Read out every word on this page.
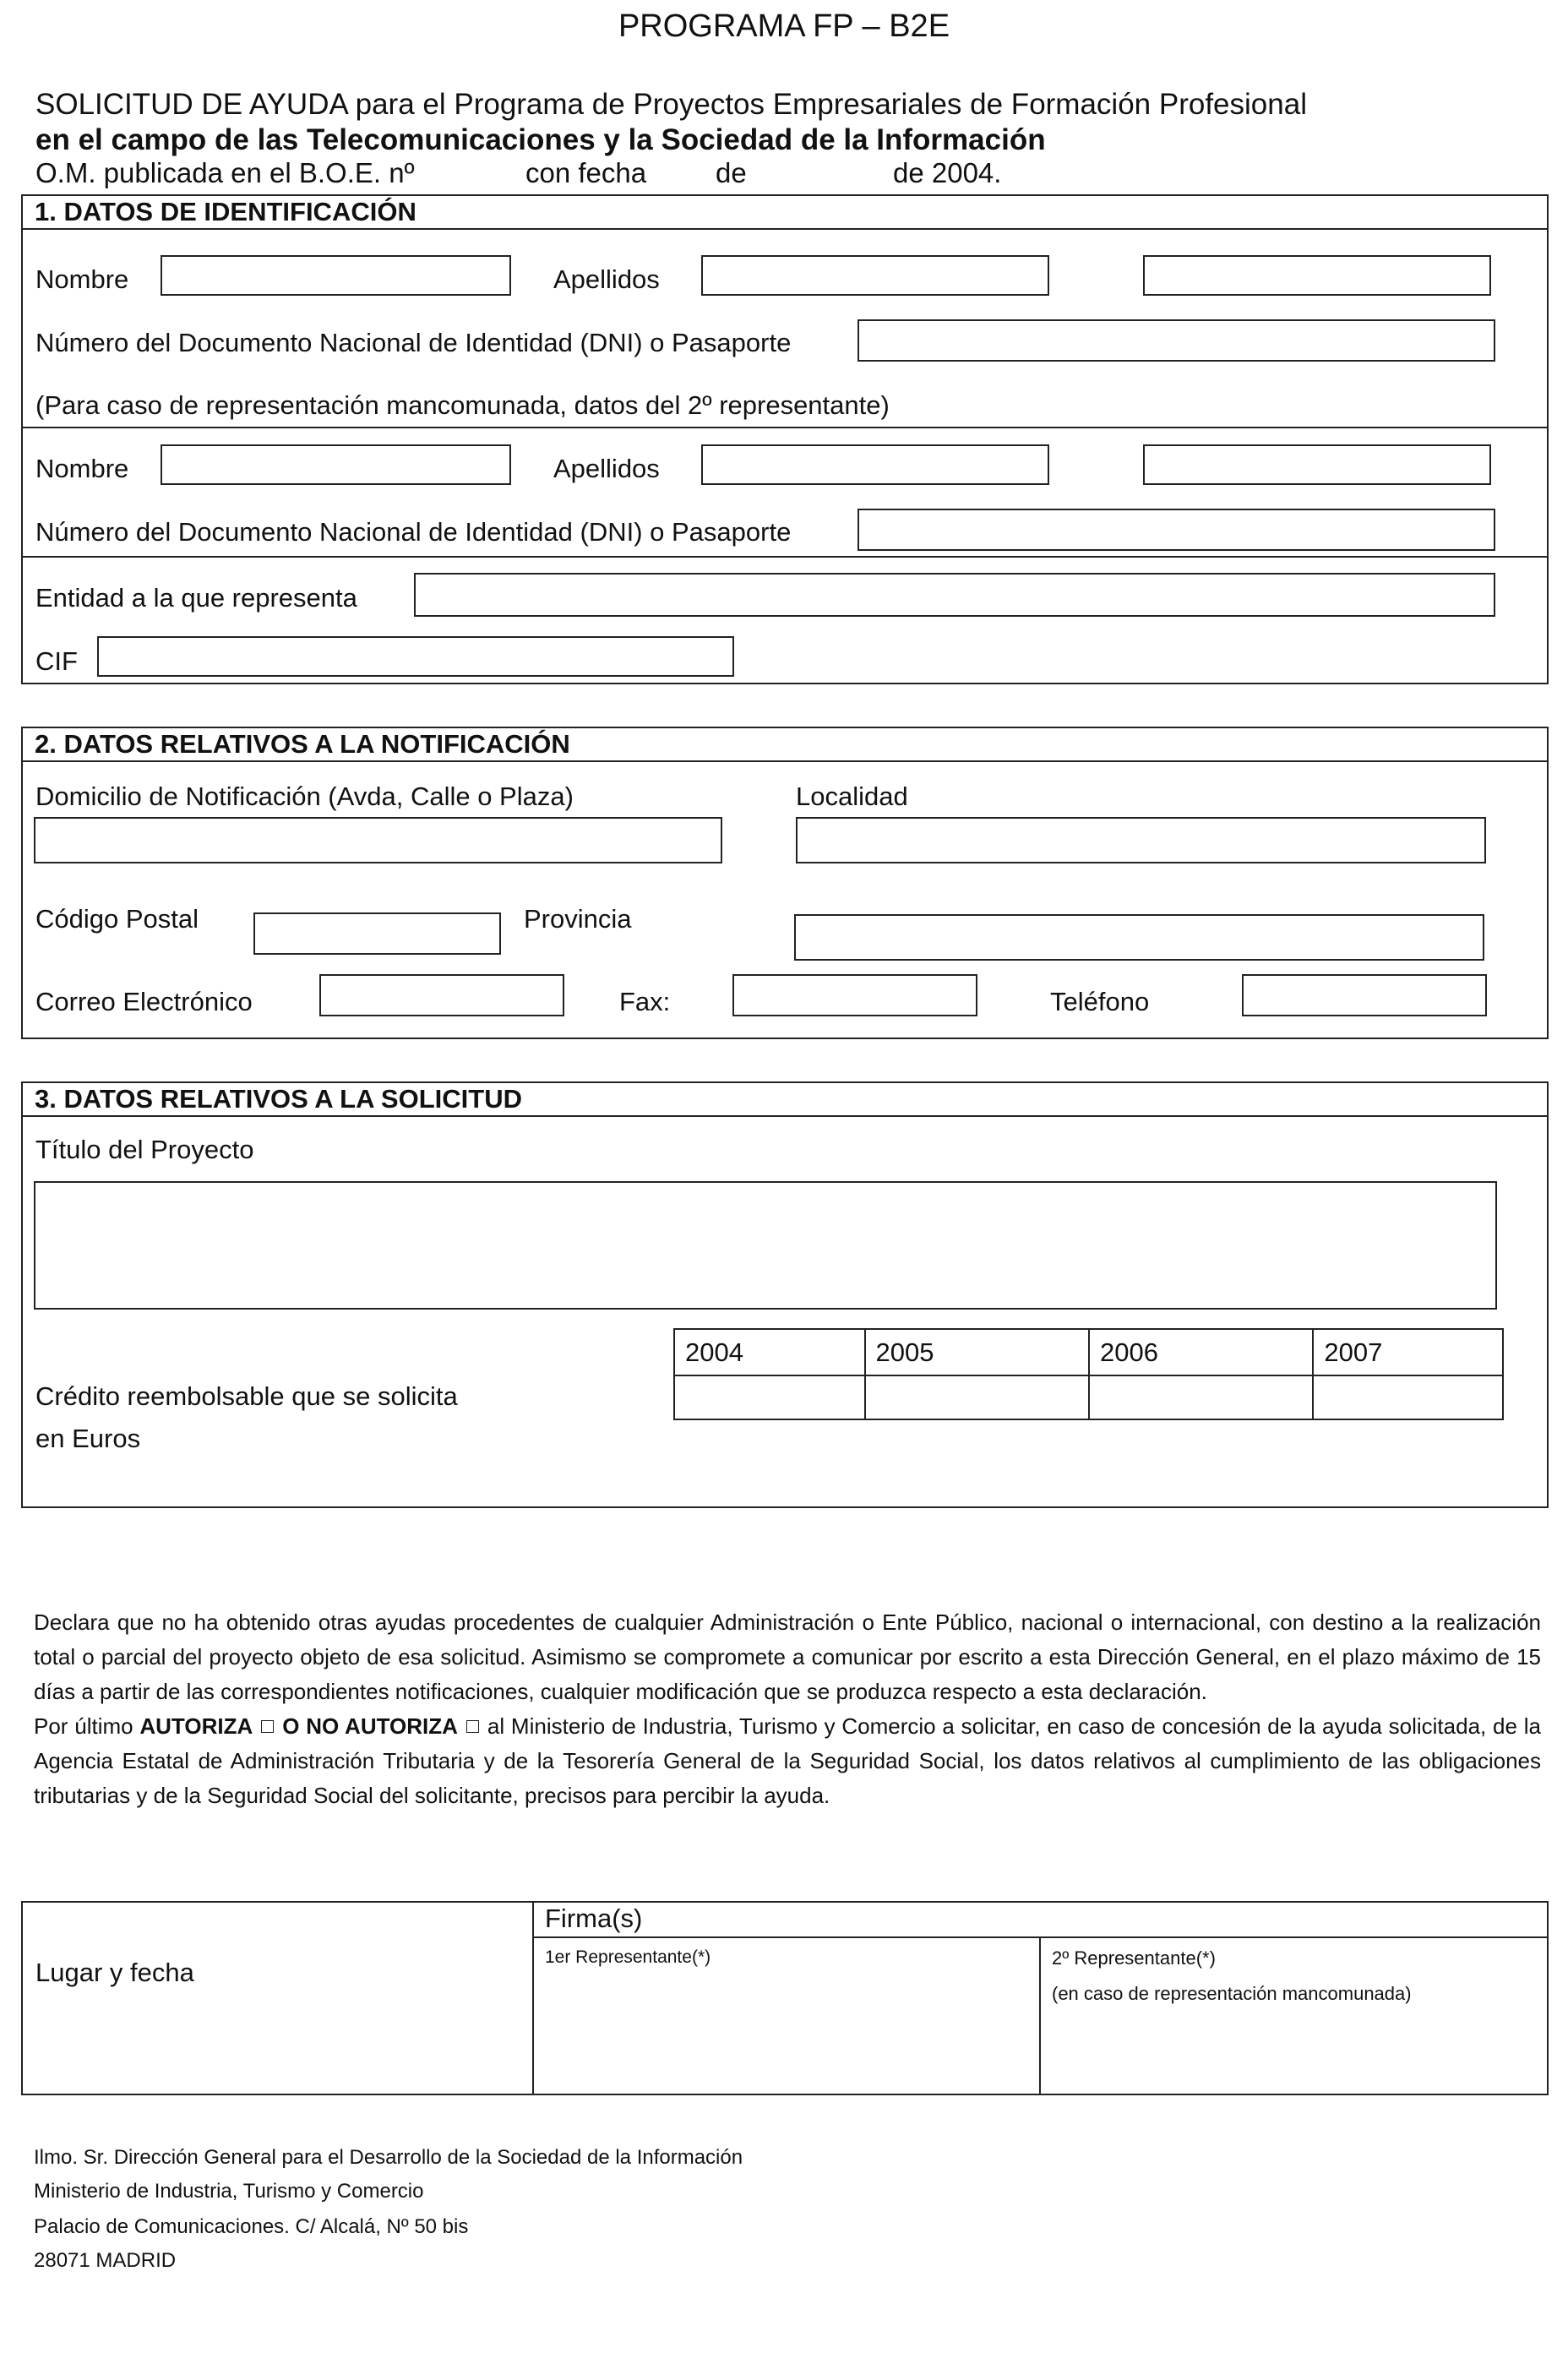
PROGRAMA FP – B2E
SOLICITUD DE AYUDA para el Programa de Proyectos Empresariales de Formación Profesional
en el campo de las Telecomunicaciones y la Sociedad de la Información
O.M. publicada en el B.O.E. nº	con fecha de	de 2004.
1. DATOS DE IDENTIFICACIÓN
Nombre	Apellidos
Número del Documento Nacional de Identidad (DNI) o Pasaporte
(Para caso de representación mancomunada, datos del 2º representante)
Nombre	Apellidos
Número del Documento Nacional de Identidad (DNI) o Pasaporte
Entidad a la que representa
CIF
2. DATOS RELATIVOS A LA NOTIFICACIÓN
Domicilio de Notificación (Avda, Calle o Plaza)	Localidad
Código Postal	Provincia
Correo Electrónico	Fax:	Teléfono
3. DATOS RELATIVOS A LA SOLICITUD
Título del Proyecto
2004	2005	2006	2007

Crédito reembolsable que se solicita
en Euros

Declara que no ha obtenido otras ayudas procedentes de cualquier Administración o Ente Público, nacional o internacional, con destino a la realización total o parcial del proyecto objeto de esa solicitud. Asimismo se compromete a comunicar por escrito a esta Dirección General, en el plazo máximo de 15 días a partir de las correspondientes notificaciones, cualquier modificación que se produzca respecto a esta declaración.

Por último AUTORIZA O NO AUTORIZA al Ministerio de Industria, Turismo y Comercio a solicitar, en caso de concesión de la ayuda solicitada, de la Agencia Estatal de Administración Tributaria y de la Tesorería General de la Seguridad Social, los datos relativos al cumplimiento de las obligaciones tributarias y de la Seguridad Social del solicitante, precisos para percibir la ayuda.

Lugar y fecha
Firma(s)
1er Representante(*)	2º Representante(*)
(en caso de representación mancomunada)
Ilmo. Sr. Dirección General para el Desarrollo de la Sociedad de la Información
Ministerio de Industria, Turismo y Comercio
Palacio de Comunicaciones. C/ Alcalá, Nº 50 bis
28071 MADRID
